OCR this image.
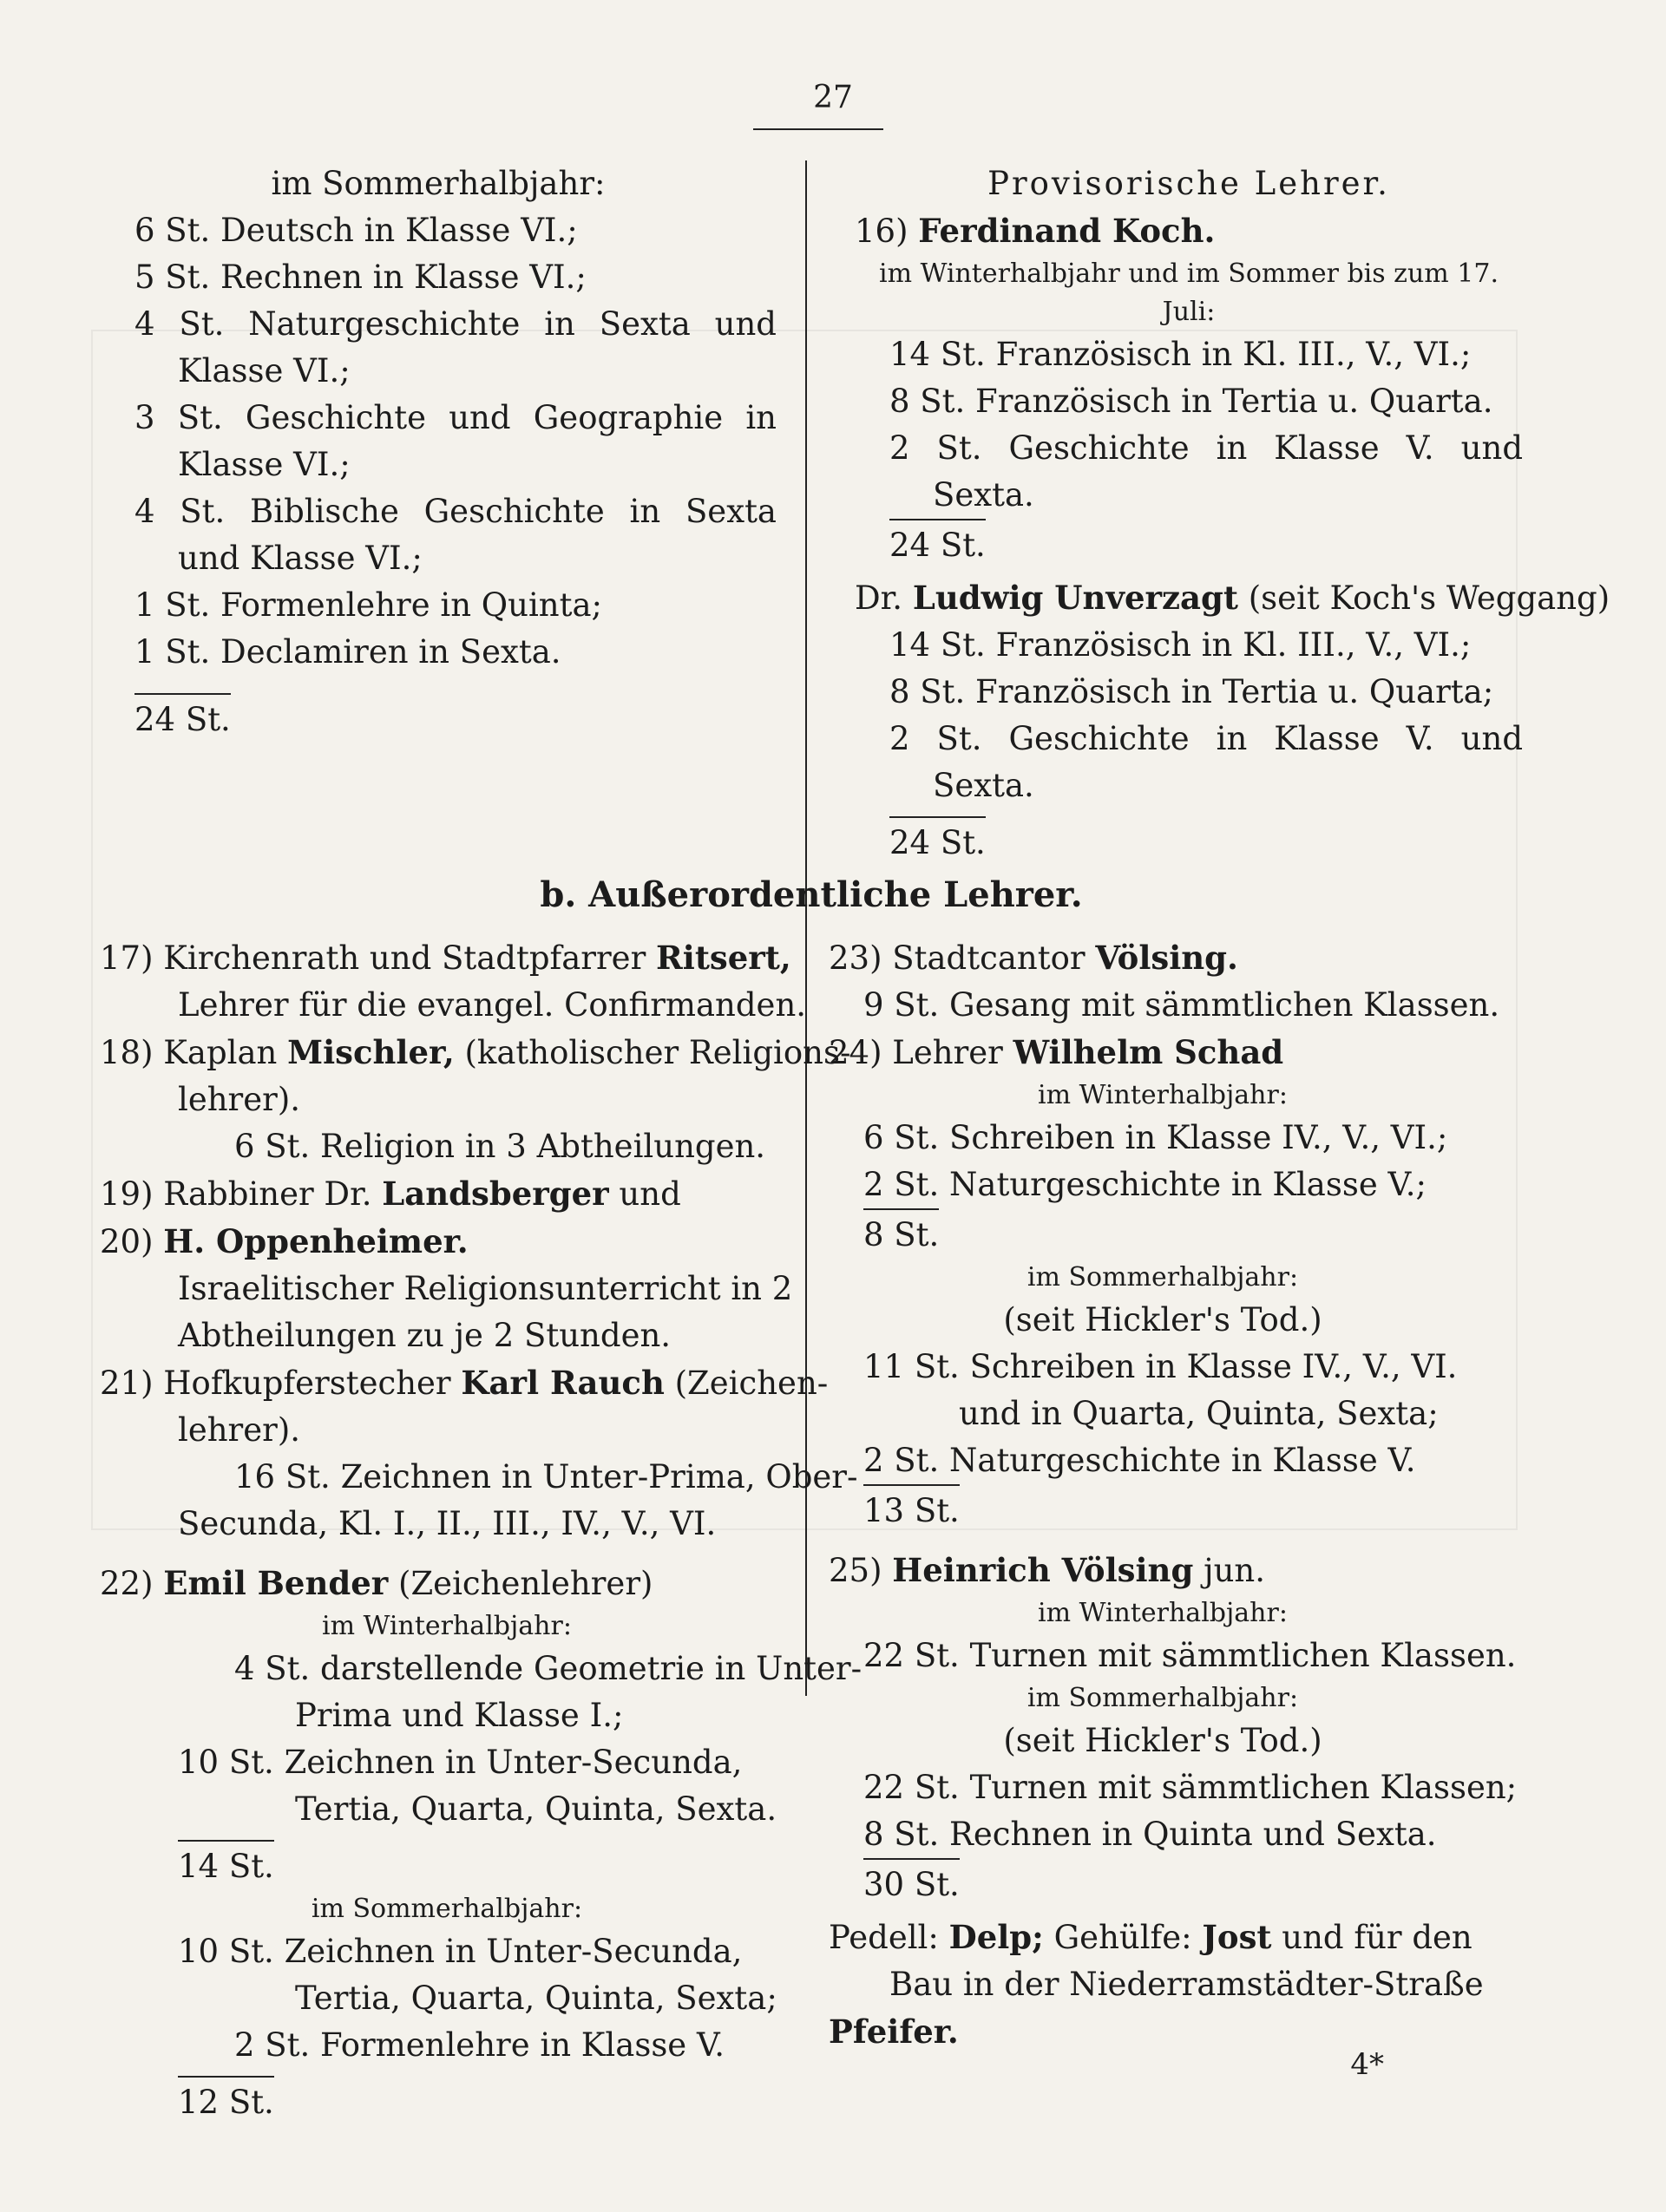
27
im Sommerhalbjahr:
6 St. Deutsch in Klasse VI.;
5 St. Rechnen in Klasse VI.;
4 St. Naturgeschichte in Sexta und
Klasse VI.;
3 St. Geschichte und Geographie in
Klasse VI.;
4 St. Biblische Geschichte in Sexta
und Klasse VI.;
1 St. Formenlehre in Quinta;
1 St. Declamiren in Sexta.
24 St.
Provisorische Lehrer.
16) Ferdinand Koch.
im Winterhalbjahr und im Sommer bis zum 17. Juli:
14 St. Französisch in Kl. III., V., VI.;
8 St. Französisch in Tertia u. Quarta.
2 St. Geschichte in Klasse V. und
Sexta.
24 St.
Dr. Ludwig Unverzagt (seit Koch's Weggang)
14 St. Französisch in Kl. III., V., VI.;
8 St. Französisch in Tertia u. Quarta;
2 St. Geschichte in Klasse V. und
Sexta.
24 St.
b. Außerordentliche Lehrer.
17) Kirchenrath und Stadtpfarrer Ritsert,
Lehrer für die evangel. Confirmanden.
18) Kaplan Mischler, (katholischer Religions-
lehrer).
6 St. Religion in 3 Abtheilungen.
19) Rabbiner Dr. Landsberger und
20) H. Oppenheimer.
Israelitischer Religionsunterricht in 2
Abtheilungen zu je 2 Stunden.
21) Hofkupferstecher Karl Rauch (Zeichen-
lehrer).
16 St. Zeichnen in Unter-Prima, Ober-
Secunda, Kl. I., II., III., IV., V., VI.
22) Emil Bender (Zeichenlehrer)
im Winterhalbjahr:
4 St. darstellende Geometrie in Unter-
Prima und Klasse I.;
10 St. Zeichnen in Unter-Secunda,
Tertia, Quarta, Quinta, Sexta.
14 St.
im Sommerhalbjahr:
10 St. Zeichnen in Unter-Secunda,
Tertia, Quarta, Quinta, Sexta;
2 St. Formenlehre in Klasse V.
12 St.
23) Stadtcantor Völsing.
9 St. Gesang mit sämmtlichen Klassen.
24) Lehrer Wilhelm Schad
im Winterhalbjahr:
6 St. Schreiben in Klasse IV., V., VI.;
2 St. Naturgeschichte in Klasse V.;
8 St.
im Sommerhalbjahr:
(seit Hickler's Tod.)
11 St. Schreiben in Klasse IV., V., VI.
und in Quarta, Quinta, Sexta;
2 St. Naturgeschichte in Klasse V.
13 St.
25) Heinrich Völsing jun.
im Winterhalbjahr:
22 St. Turnen mit sämmtlichen Klassen.
im Sommerhalbjahr:
(seit Hickler's Tod.)
22 St. Turnen mit sämmtlichen Klassen;
8 St. Rechnen in Quinta und Sexta.
30 St.
Pedell: Delp; Gehülfe: Jost und für den
Bau in der Niederramstädter-Straße
Pfeifer.
4*
